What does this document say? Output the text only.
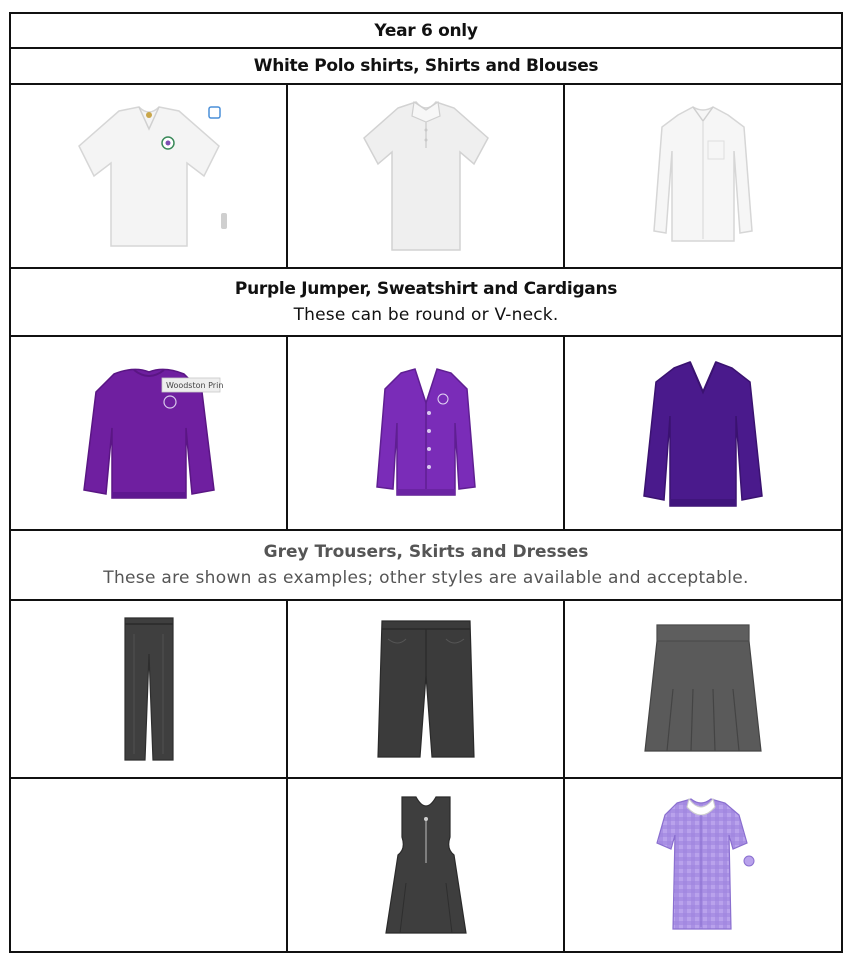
Year 6 only		
White Polo shirts, Shirts and Blouses		

Purple Jumper, Sweatshirt and Cardigans
These can be round or V-neck.		

Woodston Prin

Grey Trousers, Skirts and Dresses
These are shown as examples; other styles are available and acceptable.		
